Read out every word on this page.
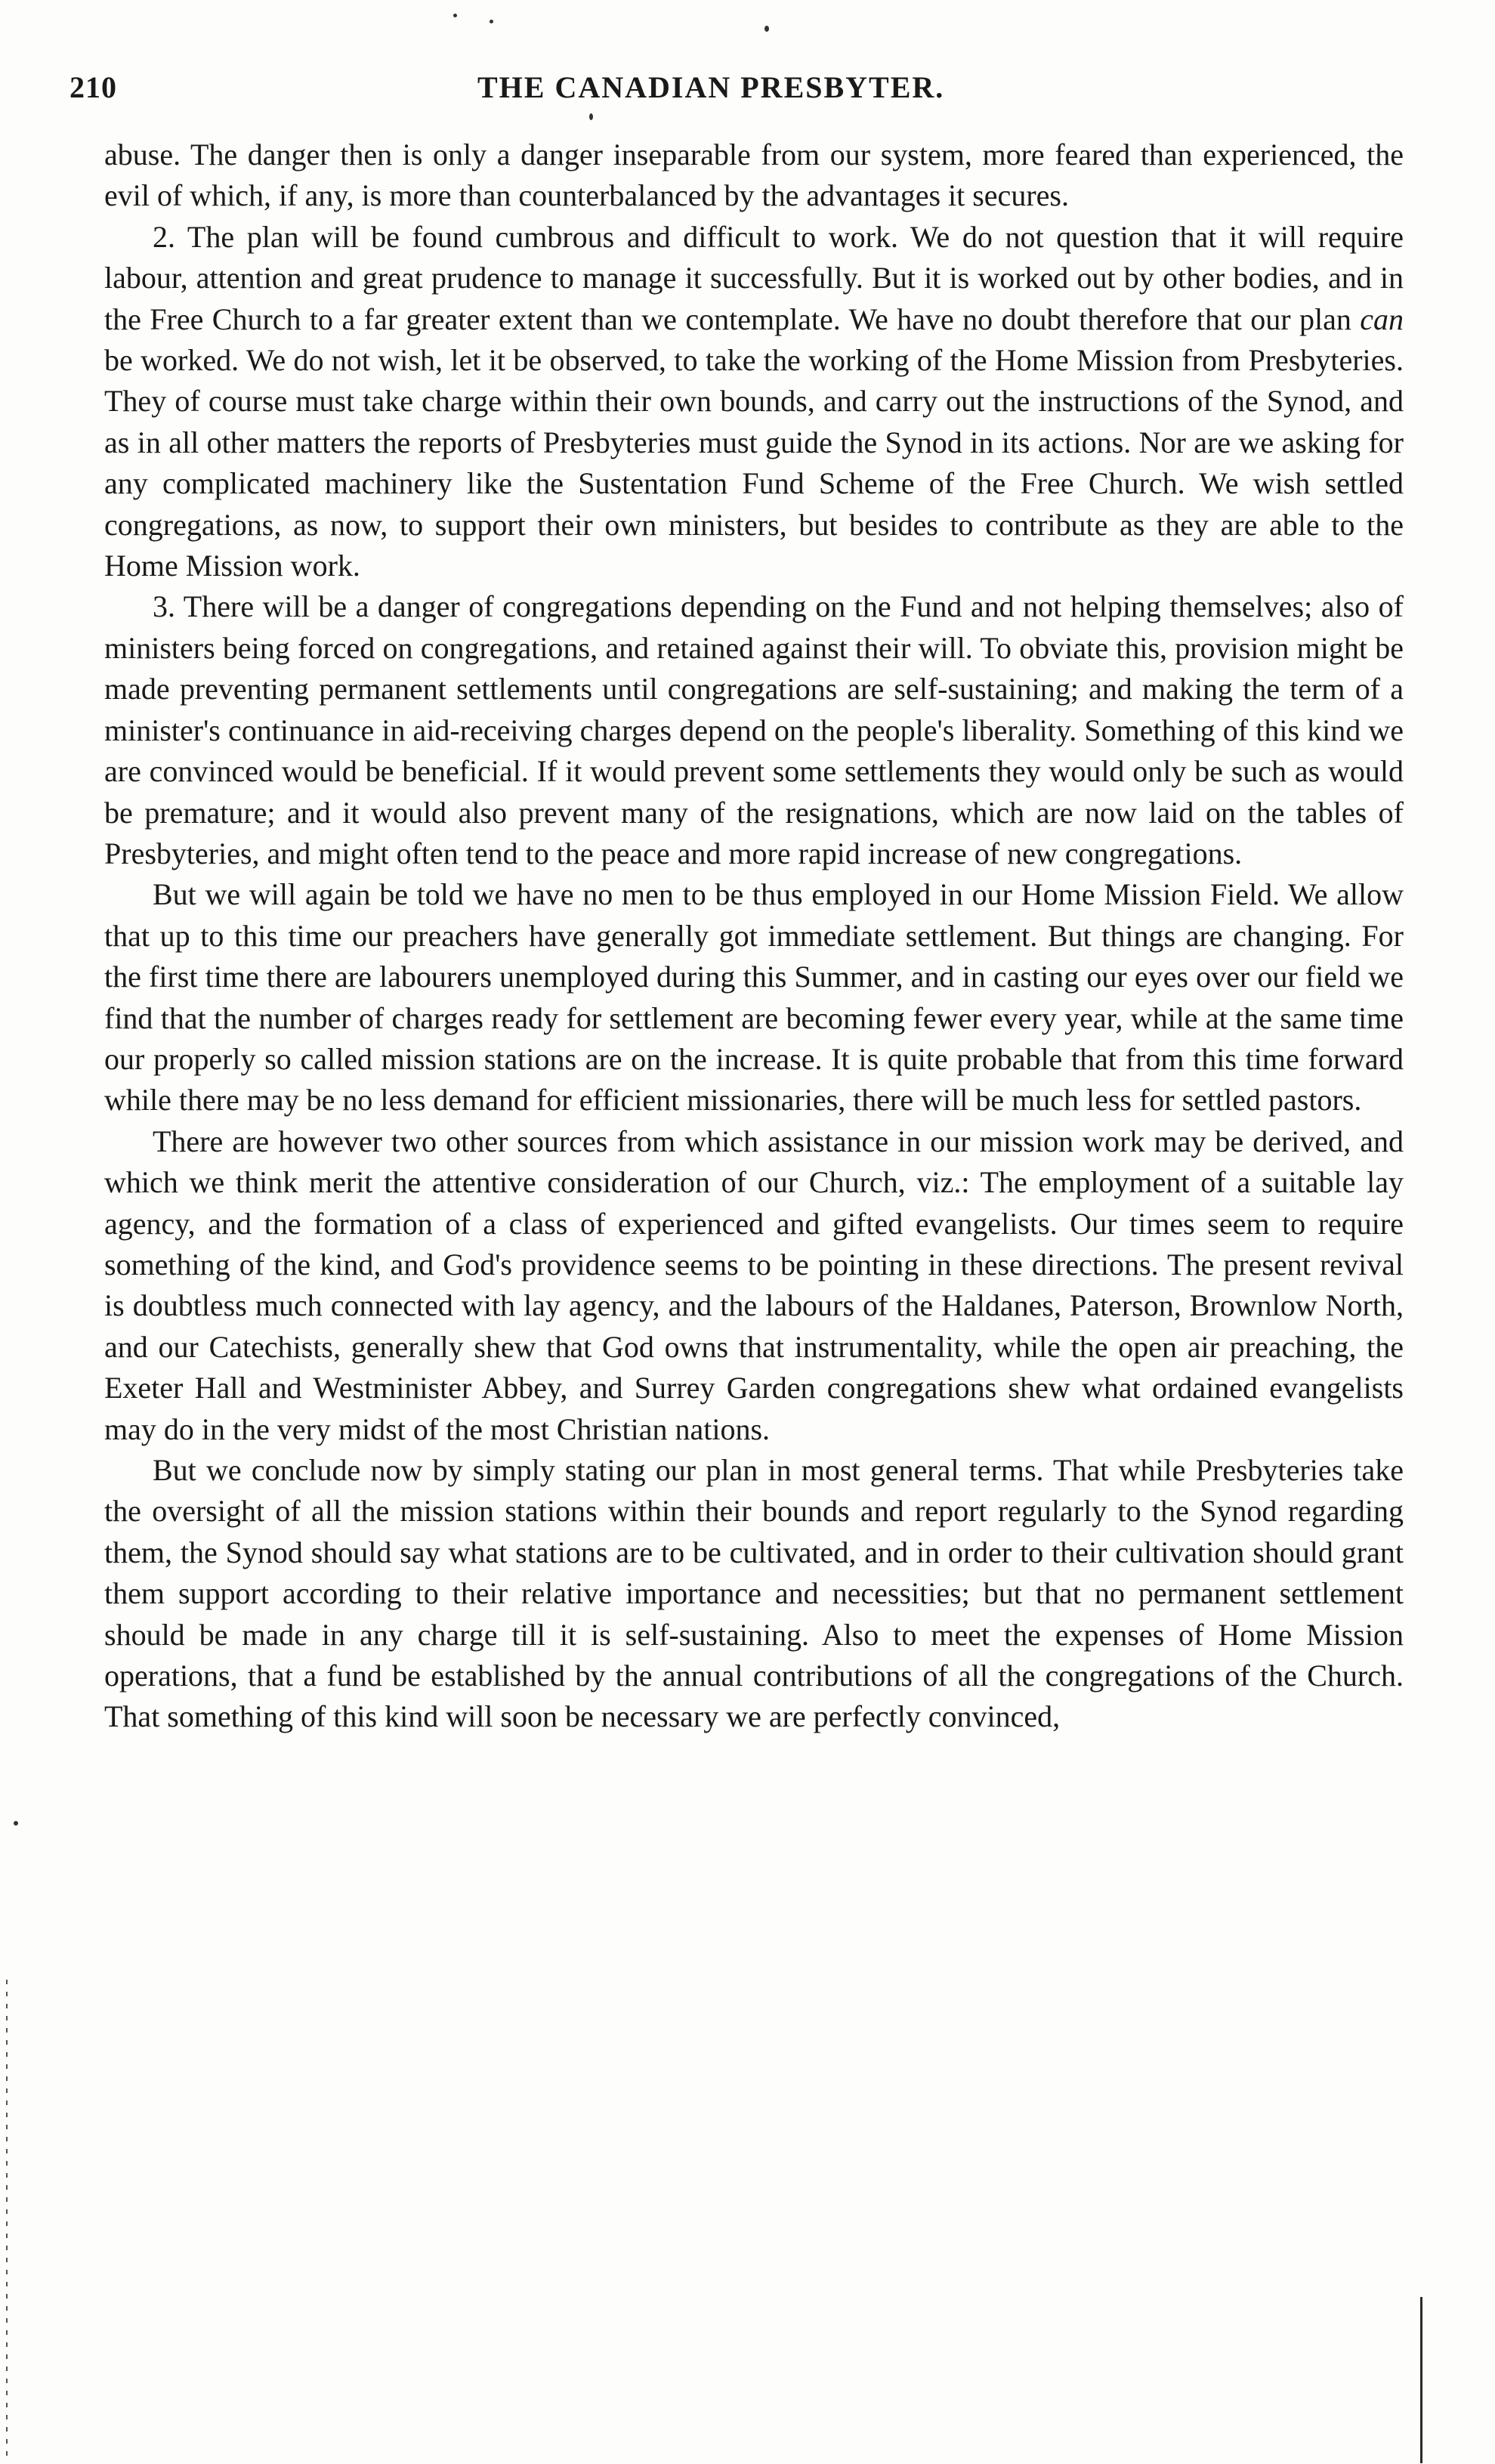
210	THE CANADIAN PRESBYTER.

abuse. The danger then is only a danger inseparable from our system, more feared than experienced, the evil of which, if any, is more than counterbalanced by the advantages it secures.

2. The plan will be found cumbrous and difficult to work. We do not question that it will require labour, attention and great prudence to manage it successfully. But it is worked out by other bodies, and in the Free Church to a far greater extent than we contemplate. We have no doubt therefore that our plan can be worked. We do not wish, let it be observed, to take the working of the Home Mission from Presbyteries. They of course must take charge within their own bounds, and carry out the instructions of the Synod, and as in all other matters the reports of Presbyteries must guide the Synod in its actions. Nor are we asking for any complicated machinery like the Sustentation Fund Scheme of the Free Church. We wish settled congregations, as now, to support their own ministers, but besides to contribute as they are able to the Home Mission work.

3. There will be a danger of congregations depending on the Fund and not helping themselves; also of ministers being forced on congregations, and retained against their will. To obviate this, provision might be made preventing permanent settlements until congregations are self-sustaining; and making the term of a minister's continuance in aid-receiving charges depend on the people's liberality. Something of this kind we are convinced would be beneficial. If it would prevent some settlements they would only be such as would be premature; and it would also prevent many of the resignations, which are now laid on the tables of Presbyteries, and might often tend to the peace and more rapid increase of new congregations.

But we will again be told we have no men to be thus employed in our Home Mission Field. We allow that up to this time our preachers have generally got immediate settlement. But things are changing. For the first time there are labourers unemployed during this Summer, and in casting our eyes over our field we find that the number of charges ready for settlement are becoming fewer every year, while at the same time our properly so called mission stations are on the increase. It is quite probable that from this time forward while there may be no less demand for efficient missionaries, there will be much less for settled pastors.

There are however two other sources from which assistance in our mission work may be derived, and which we think merit the attentive consideration of our Church, viz.: The employment of a suitable lay agency, and the formation of a class of experienced and gifted evangelists. Our times seem to require something of the kind, and God's providence seems to be pointing in these directions. The present revival is doubtless much connected with lay agency, and the labours of the Haldanes, Paterson, Brownlow North, and our Catechists, generally shew that God owns that instrumentality, while the open air preaching, the Exeter Hall and Westminister Abbey, and Surrey Garden congregations shew what ordained evangelists may do in the very midst of the most Christian nations.

But we conclude now by simply stating our plan in most general terms. That while Presbyteries take the oversight of all the mission stations within their bounds and report regularly to the Synod regarding them, the Synod should say what stations are to be cultivated, and in order to their cultivation should grant them support according to their relative importance and necessities; but that no permanent settlement should be made in any charge till it is self-sustaining. Also to meet the expenses of Home Mission operations, that a fund be established by the annual contributions of all the congregations of the Church. That something of this kind will soon be necessary we are perfectly convinced,
